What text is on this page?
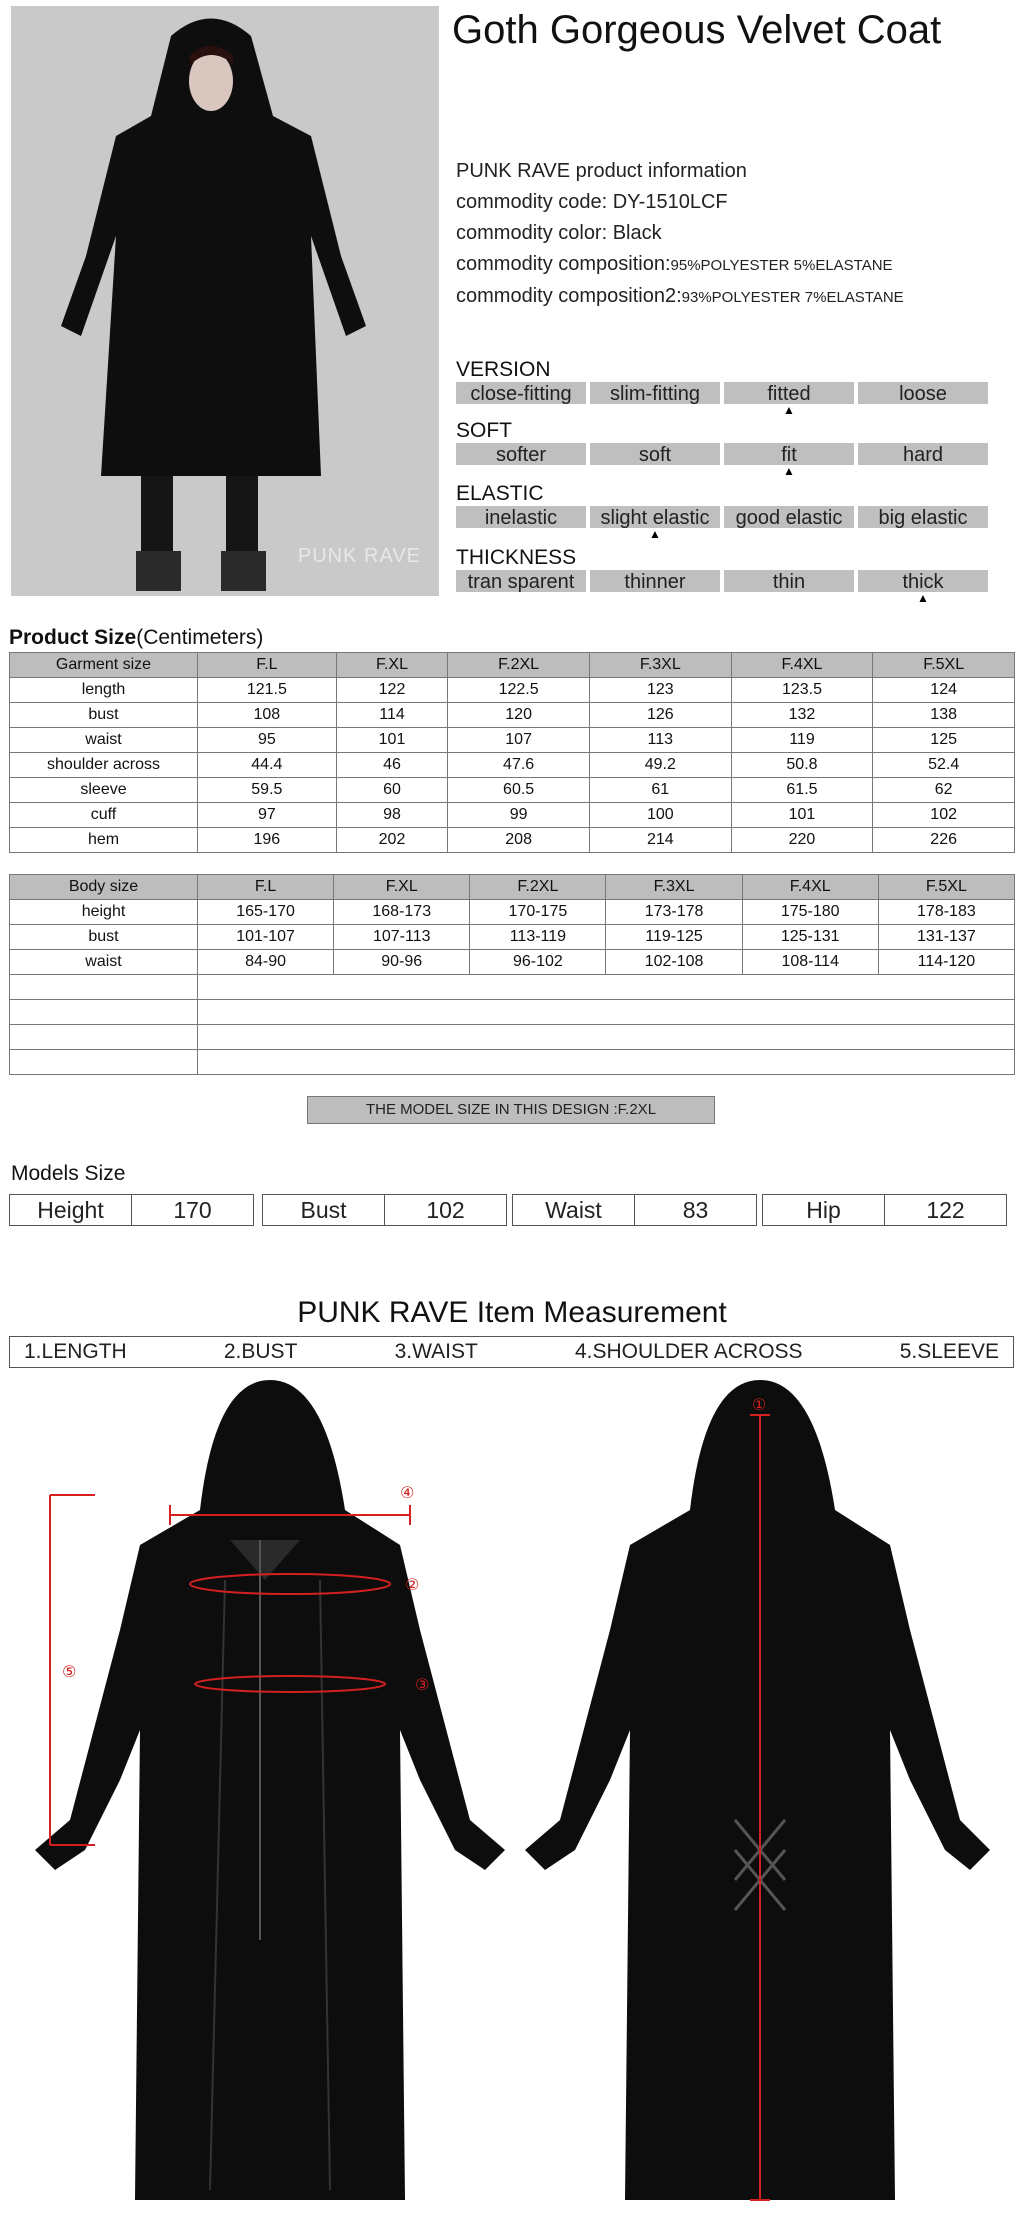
PUNK RAVE
Goth Gorgeous Velvet Coat
PUNK RAVE product information
commodity code: DY-1510LCF
commodity color: Black
commodity composition:95%POLYESTER 5%ELASTANE
commodity composition2:93%POLYESTER 7%ELASTANE
VERSION
close-fitting	slim-fitting	fitted
▲
loose
SOFT
softer	soft	fit
▲
hard
ELASTIC
inelastic	slight elastic
▲
good elastic	big elastic
THICKNESS
tran sparent	thinner	thin	thick
▲
Product Size(Centimeters)
Garment size	F.L	F.XL	F.2XL	F.3XL	F.4XL	F.5XL
length	121.5	122	122.5	123	123.5	124
bust	108	114	120	126	132	138
waist	95	101	107	113	119	125
shoulder across	44.4	46	47.6	49.2	50.8	52.4
sleeve	59.5	60	60.5	61	61.5	62
cuff	97	98	99	100	101	102
hem	196	202	208	214	220	226
Body size	F.L	F.XL	F.2XL	F.3XL	F.4XL	F.5XL
height	165-170	168-173	170-175	173-178	175-180	178-183
bust	101-107	107-113	113-119	119-125	125-131	131-137
waist	84-90	90-96	96-102	102-108	108-114	114-120

THE MODEL SIZE IN THIS DESIGN :F.2XL
Models Size
Height	170	Bust	102	Waist	83	Hip	122
PUNK RAVE Item Measurement
1.LENGTH	2.BUST	3.WAIST	4.SHOULDER ACROSS	5.SLEEVE
④
②
③
⑤
①
